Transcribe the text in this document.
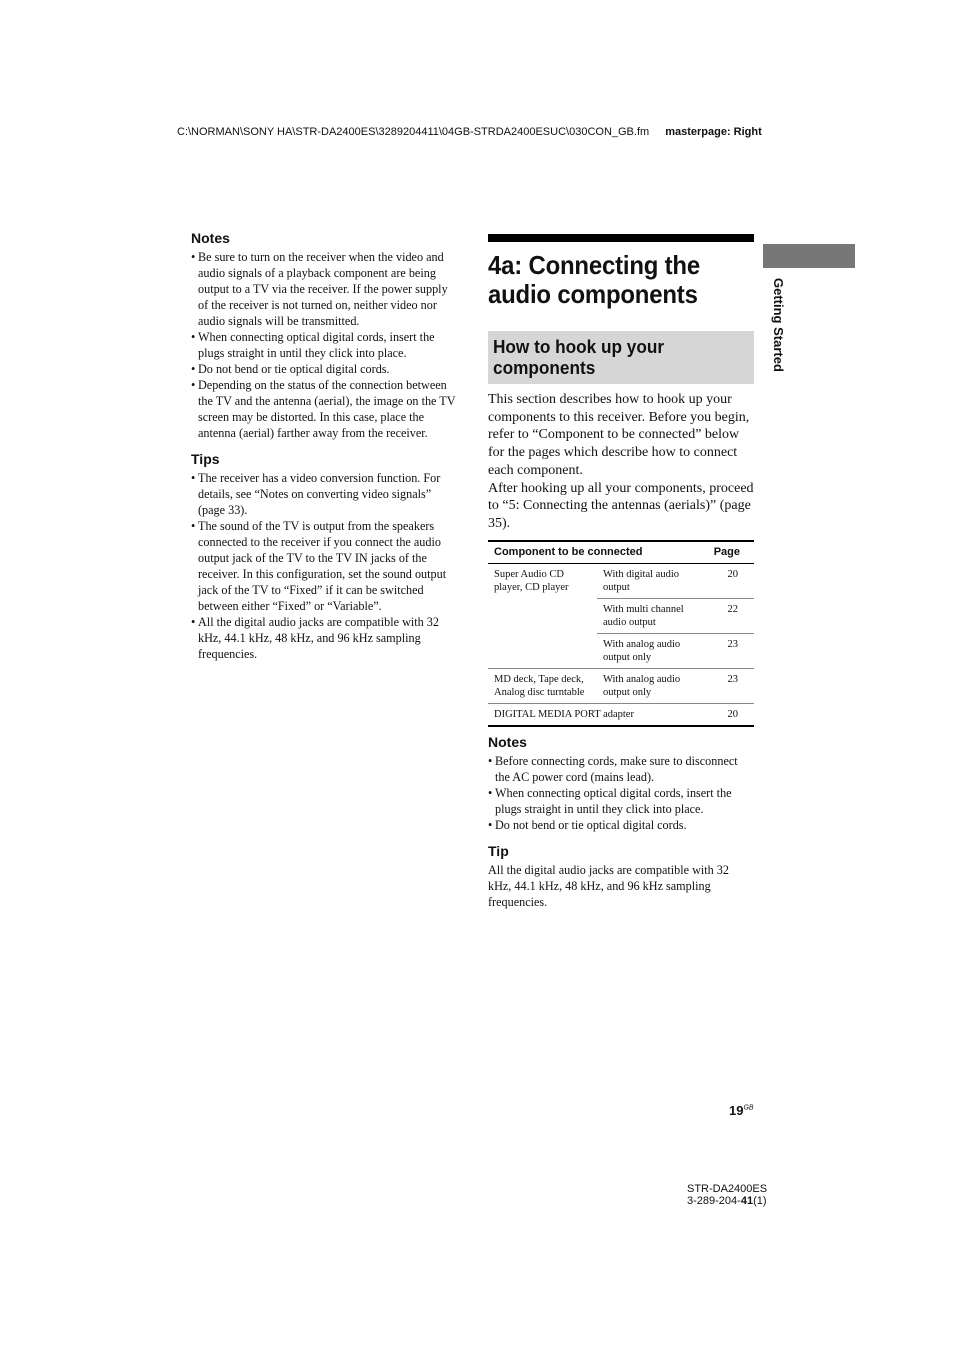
C:\NORMAN\SONY HA\STR-DA2400ES\3289204411\04GB-STRDA2400ESUC\030CON_GB.fm masterpage: Right
Notes
• Be sure to turn on the receiver when the video and audio signals of a playback component are being output to a TV via the receiver. If the power supply of the receiver is not turned on, neither video nor audio signals will be transmitted.
• When connecting optical digital cords, insert the plugs straight in until they click into place.
• Do not bend or tie optical digital cords.
• Depending on the status of the connection between the TV and the antenna (aerial), the image on the TV screen may be distorted. In this case, place the antenna (aerial) farther away from the receiver.
Tips
• The receiver has a video conversion function. For details, see “Notes on converting video signals” (page 33).
• The sound of the TV is output from the speakers connected to the receiver if you connect the audio output jack of the TV to the TV IN jacks of the receiver. In this configuration, set the sound output jack of the TV to “Fixed” if it can be switched between either “Fixed” or “Variable”.
• All the digital audio jacks are compatible with 32 kHz, 44.1 kHz, 48 kHz, and 96 kHz sampling frequencies.
4a: Connecting the audio components
How to hook up your components

This section describes how to hook up your components to this receiver. Before you begin, refer to “Component to be connected” below for the pages which describe how to connect each component.

After hooking up all your components, proceed to “5: Connecting the antennas (aerials)” (page 35).

Component to be connected		Page
Super Audio CD player, CD player	With digital audio output	20
	With multi channel audio output	22
	With analog audio output only	23
MD deck, Tape deck, Analog disc turntable	With analog audio output only	23
DIGITAL MEDIA PORT adapter		20
Notes
• Before connecting cords, make sure to disconnect the AC power cord (mains lead).
• When connecting optical digital cords, insert the plugs straight in until they click into place.
• Do not bend or tie optical digital cords.
Tip

All the digital audio jacks are compatible with 32 kHz, 44.1 kHz, 48 kHz, and 96 kHz sampling frequencies.

Getting Started
$19^{GB}$
STR-DA2400ES
3-289-204-41(1)
